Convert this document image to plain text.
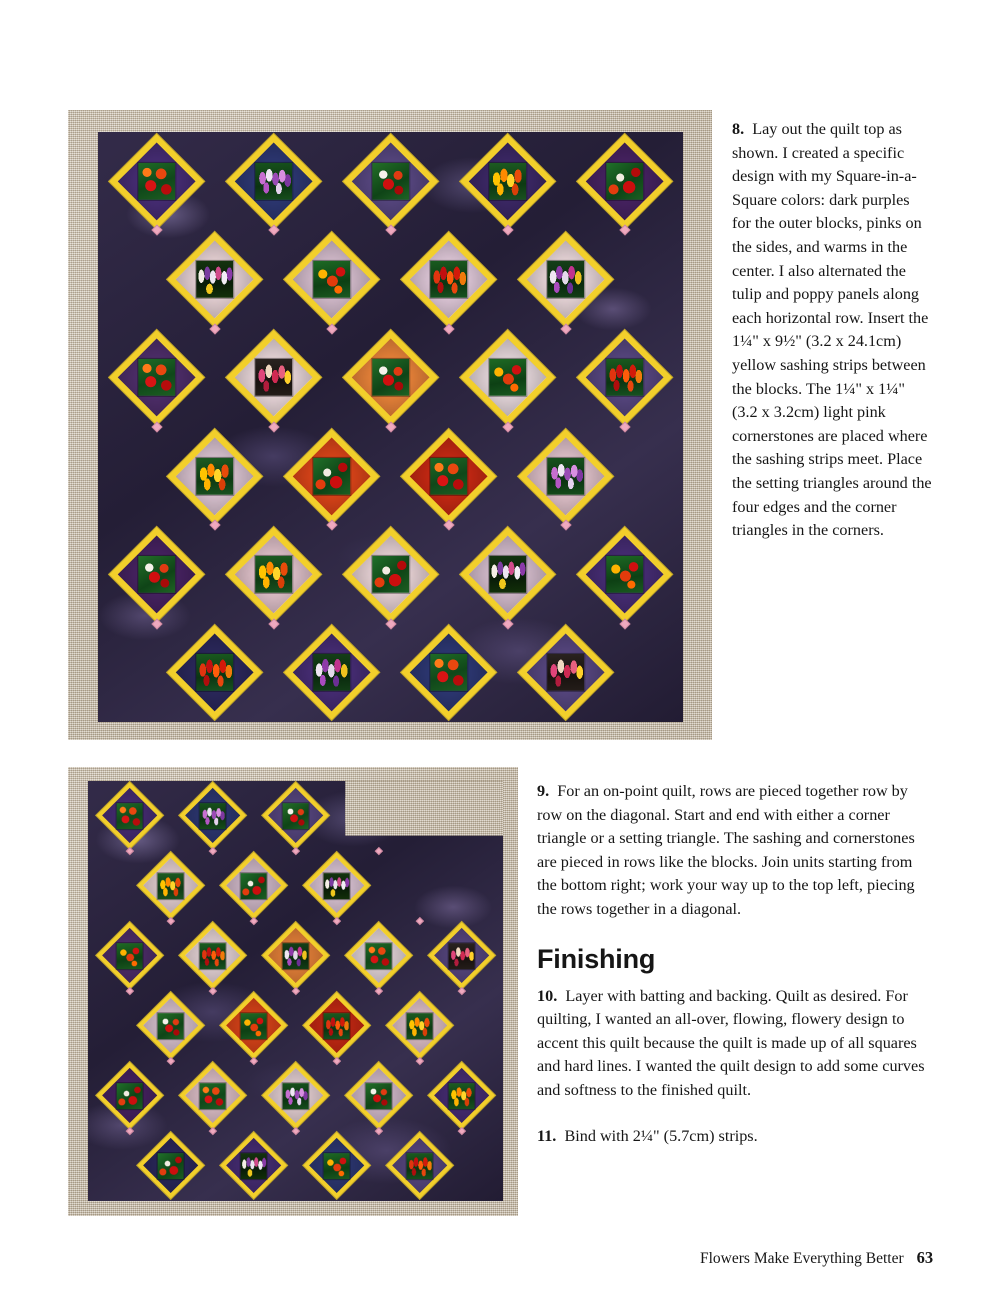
8. Lay out the quilt top as shown. I created a specific design with my Square-in-a-Square colors: dark purples for the outer blocks, pinks on the sides, and warms in the center. I also alternated the tulip and poppy panels along each horizontal row. Insert the 1¼" x 9½" (3.2 x 24.1cm) yellow sashing strips between the blocks. The 1¼" x 1¼" (3.2 x 3.2cm) light pink cornerstones are placed where the sashing strips meet. Place the setting triangles around the four edges and the corner triangles in the corners.

9. For an on-point quilt, rows are pieced together row by row on the diagonal. Start and end with either a corner triangle or a setting triangle. The sashing and cornerstones are pieced in rows like the blocks. Join units starting from the bottom right; work your way up to the top left, piecing the rows together in a diagonal.

Finishing

10. Layer with batting and backing. Quilt as desired. For quilting, I wanted an all-over, flowing, flowery design to accent this quilt because the quilt is made up of all squares and hard lines. I wanted the quilt design to add some curves and softness to the finished quilt.

11. Bind with 2¼" (5.7cm) strips.

Flowers Make Everything Better 63
